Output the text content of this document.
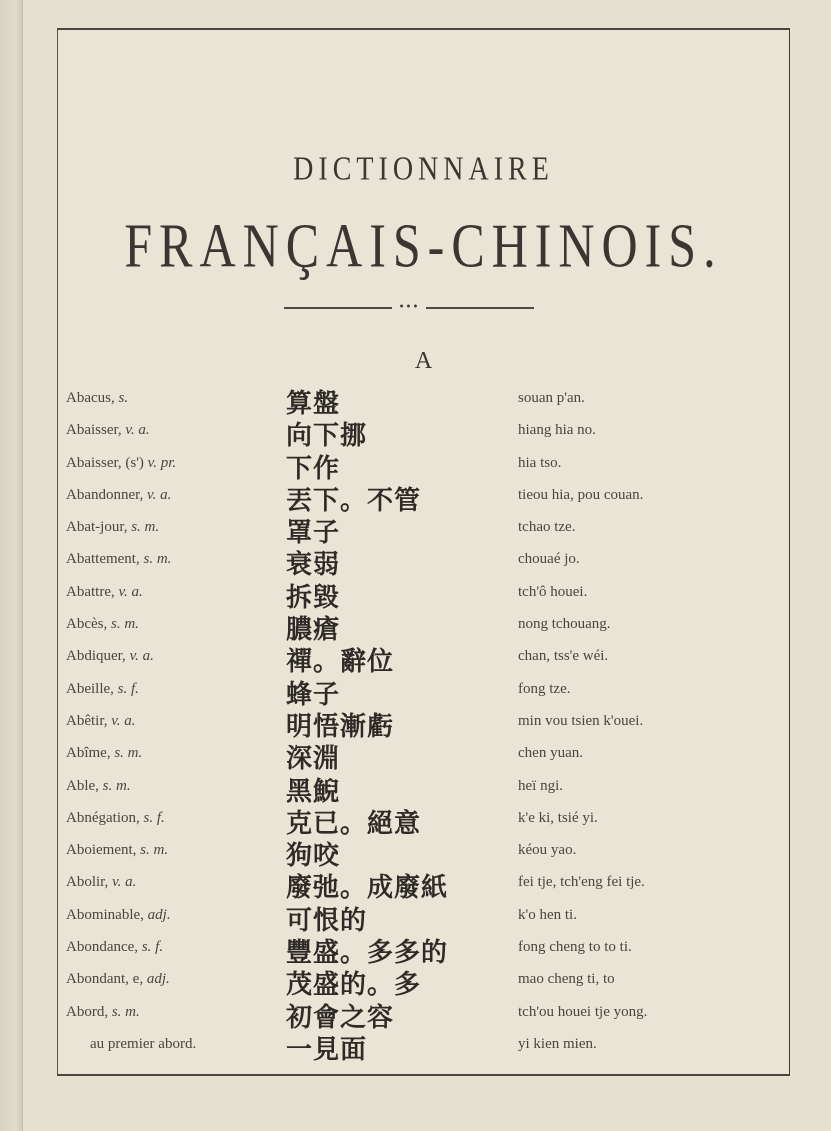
DICTIONNAIRE
FRANÇAIS-CHINOIS.
•••
A
Abacus, s.	算盤	souan p'an.
Abaisser, v. a.	向下挪	hiang hia no.
Abaisser, (s') v. pr.	下作	hia tso.
Abandonner, v. a.	丟下。不管	tieou hia, pou couan.
Abat-jour, s. m.	罩子	tchao tze.
Abattement, s. m.	衰弱	chouaé jo.
Abattre, v. a.	拆毀	tch'ô houei.
Abcès, s. m.	膿瘡	nong tchouang.
Abdiquer, v. a.	禪。辭位	chan, tss'e wéi.
Abeille, s. f.	蜂子	fong tze.
Abêtir, v. a.	明悟漸虧	min vou tsien k'ouei.
Abîme, s. m.	深淵	chen yuan.
Able, s. m.	黑鯢	heï ngi.
Abnégation, s. f.	克已。絕意	k'e ki, tsié yi.
Aboiement, s. m.	狗咬	kéou yao.
Abolir, v. a.	廢弛。成廢紙	fei tje, tch'eng fei tje.
Abominable, adj.	可恨的	k'o hen ti.
Abondance, s. f.	豐盛。多多的	fong cheng to to ti.
Abondant, e, adj.	茂盛的。多	mao cheng ti, to
Abord, s. m.	初會之容	tch'ou houei tje yong.
au premier abord.	一見面	yi kien mien.
